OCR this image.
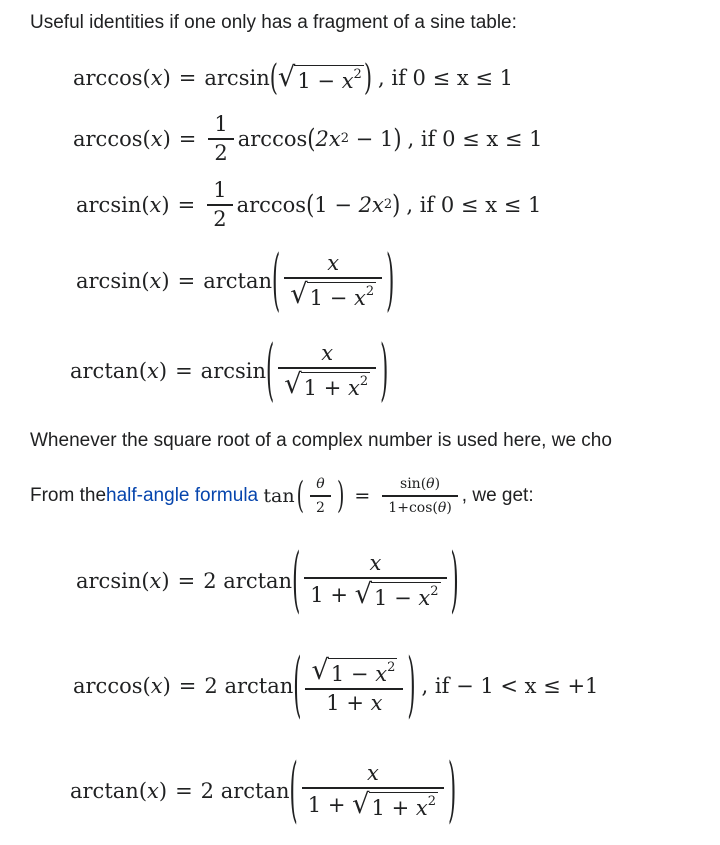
Useful identities if one only has a fragment of a sine table:
arccos ( x ) = arcsin ( √ $1 - x^2$ ) , if
0 ≤ x ≤ 1
arccos ( x ) = $\frac{1}{2}$ arccos ( 2x 2
−
1 ) , if
0 ≤ x ≤ 1
arcsin ( x ) = $\frac{1}{2}$ arccos ( 1
−
2x 2 ) , if
0 ≤ x ≤ 1
arcsin ( x ) = arctan ( $\frac{x}{√ 1 - x^2}$ )
arctan ( x ) = arcsin ( $\frac{x}{√ 1 + x^2}$ )
Whenever the square root of a complex number is used here, we cho
From the half-angle formula
tan ( $\frac{\theta}{2}$ ) = $\frac{\sin(\theta)}{1+\cos(\theta)}$ , we get:
arcsin ( x ) = 2
arctan ( $\frac{x}{1 + √ 1 - x^2}$ )
arccos ( x ) = 2
arctan ( $\frac{√ 1 - x^2}{1 + x}$ ) , if
− 1 < x ≤ +1
arctan ( x ) = 2
arctan ( $\frac{x}{1 + √ 1 + x^2}$ )
